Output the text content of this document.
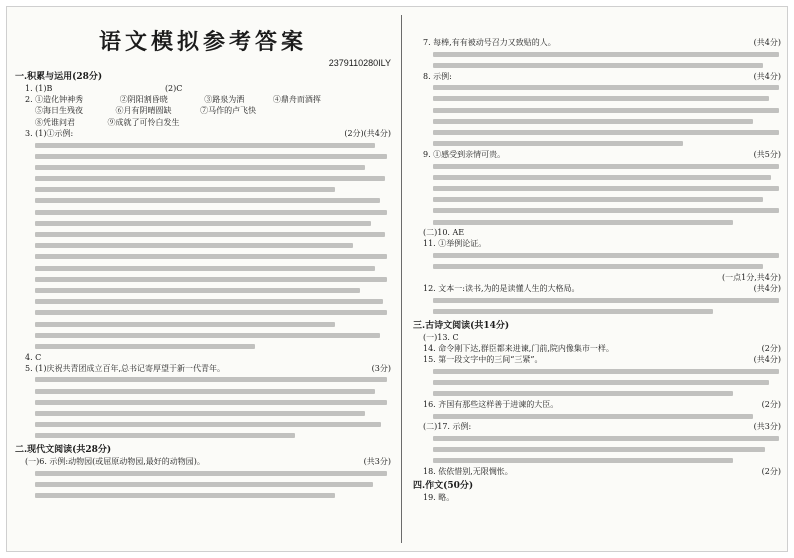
语文模拟参考答案
2379110280ILY
一.积累与运用(28分)
1. (1)B	(2)C
2. ①造化钟神秀	②阴阳割昏晓	③路泉为洒	④鼎舟而酒挥
⑤海日生残夜	⑥月有阴晴圆缺	⑦马作的卢飞快
⑧凭谁问君	⑨成就了可怜白发生
3. (1)①示例:	(2分)(共4分)
4. C
5. (1)庆祝共青团成立百年,总书记寄厚望于新一代青年。	(3分)
二.现代文阅读(共28分)
(一)6. 示例:动物园(或屈原动物园,最好的动物园)。	(共3分)
7. 每棒,有有被动号召力又致贴的人。	(共4分)
8. 示例:	(共4分)
9. ①感受到亲情可贵。	(共5分)
(二)10. AE
11. ①举例论证。
(一点1分,共4分)
12. 文本一:读书,为的是读懂人生的大格局。	(共4分)
三.古诗文阅读(共14分)
(一)13. C
14. 命令刚下达,群臣都来进谏,门前,院内像集市一样。	(2分)
15. 第一段文字中的三间“三紧”。	(共4分)
16. 齐国有那些这样善于进谏的大臣。	(2分)
(二)17. 示例:	(共3分)
18. 依依惜别,无限惆怅。	(2分)
四.作文(50分)
19. 略。
